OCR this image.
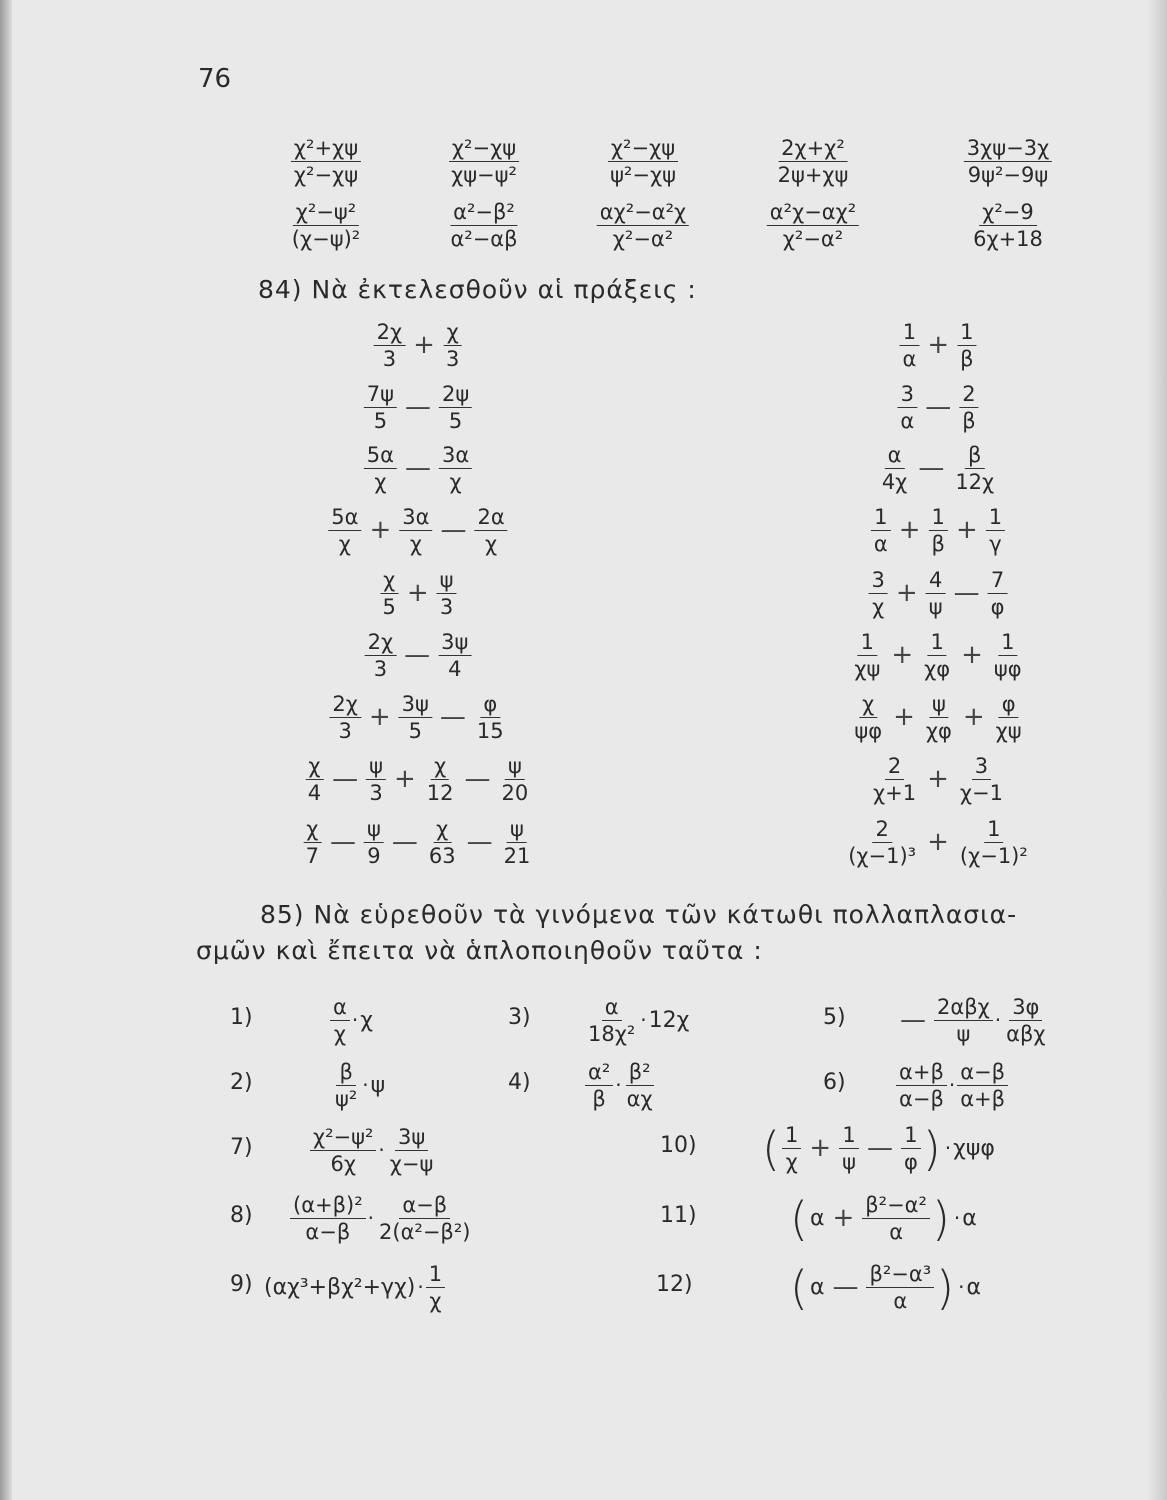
76
$\frac{\text{χ²+χψ}}{\text{χ²−χψ}}$	$\frac{\text{χ²−χψ}}{\text{χψ−ψ²}}$	$\frac{\text{χ²−χψ}}{\text{ψ²−χψ}}$	$\frac{\text{2χ+χ²}}{2\psi+\chi\psi}$	$\frac{3\chi\psi-3\chi}{\text{9ψ²−9ψ}}$
$\frac{\text{χ²−ψ²}}{\text{(χ−ψ)²}}$	$\frac{\text{α²−β²}}{\text{α²−αβ}}$	$\frac{\text{αχ²−α²χ}}{\text{χ²−α²}}$	$\frac{\text{α²χ−αχ²}}{\text{χ²−α²}}$	$\frac{\text{χ²−9}}{6\chi+18}$
84) Νὰ ἐκτελεσθοῦν αἱ πράξεις :
$\frac{2\chi}{3} + \frac{\chi}{3}$
$\frac{7\psi}{5}$ — $\frac{2\psi}{5}$
$\frac{5\alpha}{\chi}$ — $\frac{3\alpha}{\chi}$
$\frac{5\alpha}{\chi} + \frac{3\alpha}{\chi}$ — $\frac{2\alpha}{\chi}$
$\frac{\chi}{5} + \frac{\psi}{3}$
$\frac{2\chi}{3}$ — $\frac{3\psi}{4}$
$\frac{2\chi}{3} + \frac{3\psi}{5}$ — $\frac{\varphi}{15}$
$\frac{\chi}{4}$ — $\frac{\psi}{3} + \frac{\chi}{12}$ — $\frac{\psi}{20}$
$\frac{\chi}{7}$ — $\frac{\psi}{9}$ — $\frac{\chi}{63}$ — $\frac{\psi}{21}$
$\frac{1}{\alpha} + \frac{1}{\beta}$
$\frac{3}{\alpha}$ — $\frac{2}{\beta}$
$\frac{\alpha}{4\chi}$ — $\frac{\beta}{12\chi}$
$\frac{1}{\alpha} + \frac{1}{\beta} + \frac{1}{\gamma}$
$\frac{3}{\chi} + \frac{4}{\psi}$ — $\frac{7}{\varphi}$
$\frac{1}{\chi\psi} + \frac{1}{\chi\varphi} + \frac{1}{\psi\varphi}$
$\frac{\chi}{\psi\varphi} + \frac{\psi}{\chi\varphi} + \frac{\varphi}{\chi\psi}$
$\frac{2}{\chi+1} + \frac{3}{\chi-1}$
$\frac{2}{\text{(χ−1)³}} + \frac{1}{\text{(χ−1)²}}$
85) Νὰ εὑρεθοῦν τὰ γινόμενα τῶν κάτωθι πολλαπλασια-
σμῶν καὶ ἔπειτα νὰ ἁπλοποιηθοῦν ταῦτα :
1)	$\frac{\alpha}{\chi} \cdot \chi$
2)	$\frac{\beta}{\text{ψ²}} \cdot \psi$
3)	$\frac{\alpha}{\text{18χ²}} \cdot 12\chi$
4)	$\frac{\text{α²}}{\beta} \cdot \frac{\text{β²}}{\alpha\chi}$
5) — $\frac{\text{2αβχ}}{\psi} \cdot \frac{3\varphi}{\text{αβχ}}$
$6) \frac{\alpha+\beta}{\alpha-\beta} \cdot \frac{\alpha-\beta}{\alpha+\beta}$
7)	$\frac{\text{χ²−ψ²}}{6\chi} \cdot \frac{3\psi}{\chi-\psi}$
$8) \frac{\text{(α+β)²}}{\alpha-\beta} \cdot \frac{\alpha-\beta}{\text{2(α²−β²)}}$
9) $(\alpha\chi^3+\beta\chi^2+\gamma\chi) \cdot \frac{1}{\chi}$
10) ( $\frac{1}{\chi} + \frac{1}{\psi}$ — $\frac{1}{\varphi}$ ) · χψφ
11) ( $\alpha + \frac{\text{β²−α²}}{\alpha}$ ) · α
12) ( α — $\frac{\text{β²−α³}}{\alpha}$ ) · α
